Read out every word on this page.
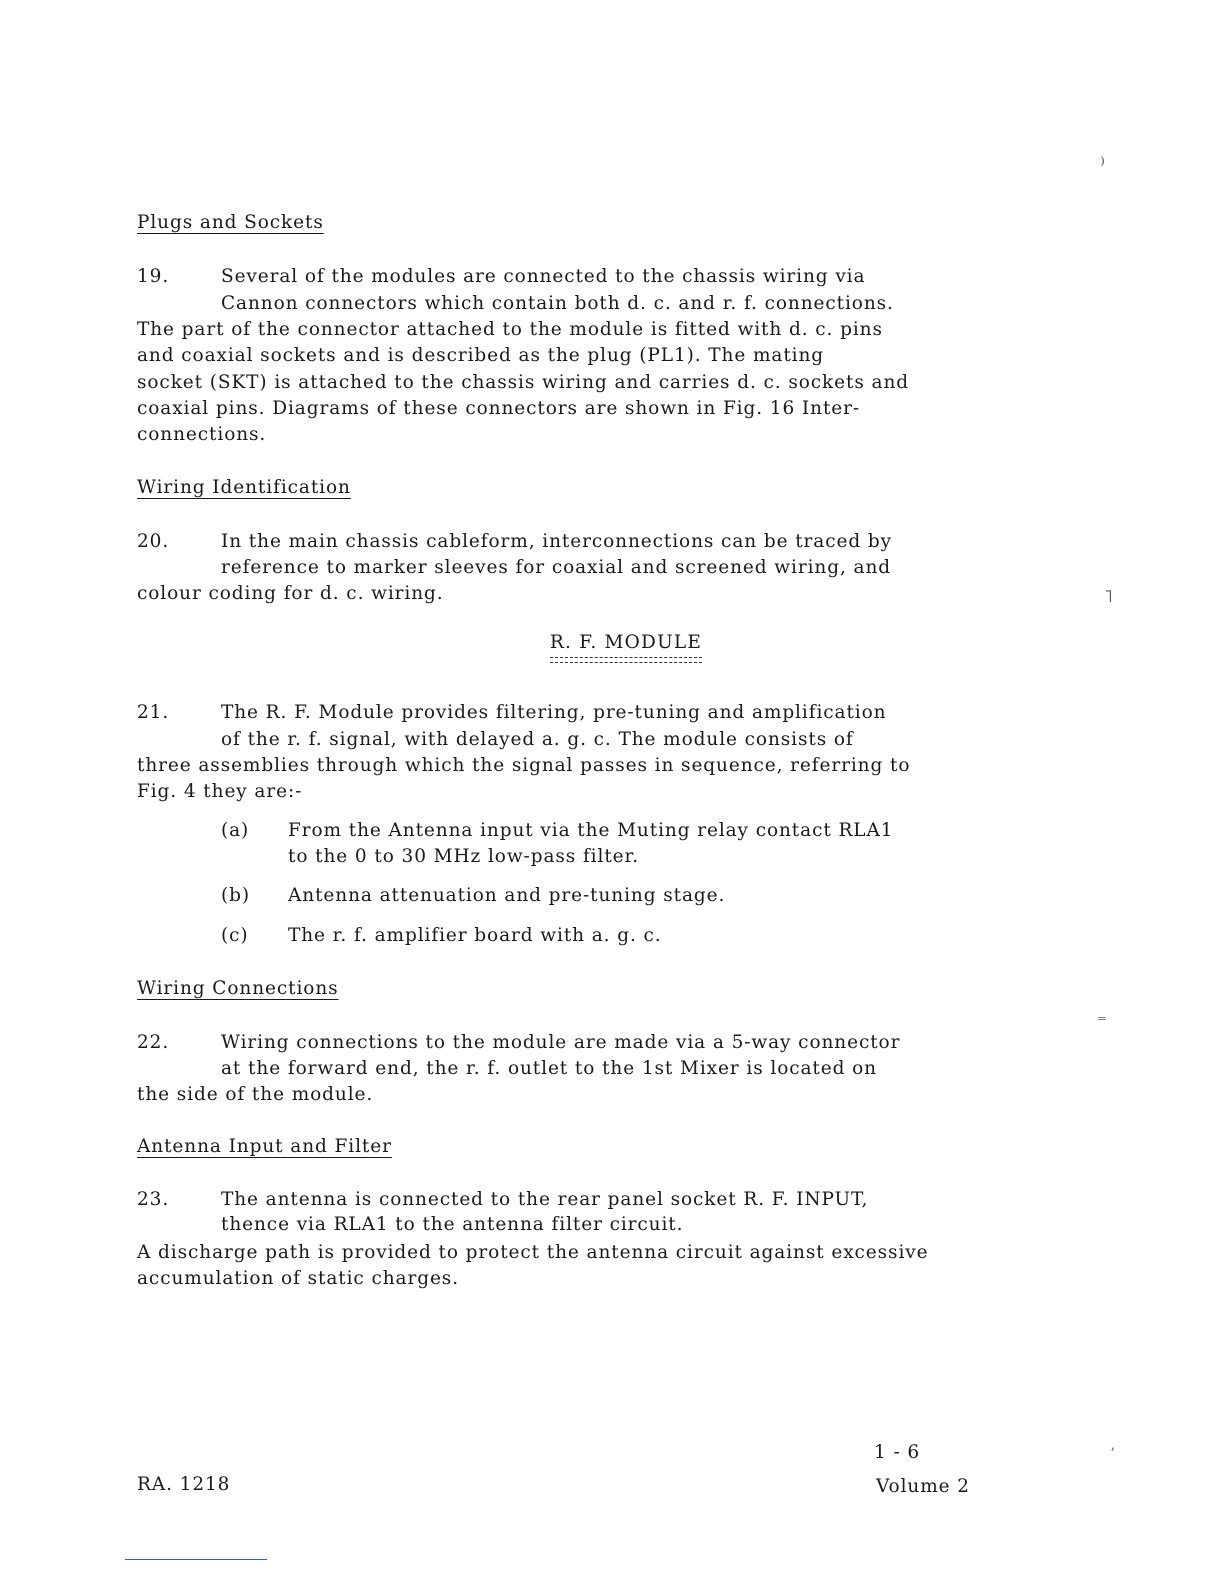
Plugs and Sockets
19.	Several of the modules are connected to the chassis wiring via
Cannon connectors which contain both d. c. and r. f. connections.
The part of the connector attached to the module is fitted with d. c. pins
and coaxial sockets and is described as the plug (PL1). The mating
socket (SKT) is attached to the chassis wiring and carries d. c. sockets and
coaxial pins. Diagrams of these connectors are shown in Fig. 16 Inter-
connections.
Wiring Identification
20.	In the main chassis cableform, interconnections can be traced by
reference to marker sleeves for coaxial and screened wiring, and
colour coding for d. c. wiring.
R. F. MODULE
21.	The R. F. Module provides filtering, pre-tuning and amplification
of the r. f. signal, with delayed a. g. c. The module consists of
three assemblies through which the signal passes in sequence, referring to
Fig. 4 they are:-
(a) From the Antenna input via the Muting relay contact RLA1
to the 0 to 30 MHz low-pass filter.
(b) Antenna attenuation and pre-tuning stage.
(c) The r. f. amplifier board with a. g. c.
Wiring Connections
22.	Wiring connections to the module are made via a 5-way connector
at the forward end, the r. f. outlet to the 1st Mixer is located on
the side of the module.
Antenna Input and Filter
23.	The antenna is connected to the rear panel socket R. F. INPUT,
thence via RLA1 to the antenna filter circuit.
A discharge path is provided to protect the antenna circuit against excessive
accumulation of static charges.
1 - 6
RA. 1218	Volume 2
⁾
˥
⁼
ʼ
